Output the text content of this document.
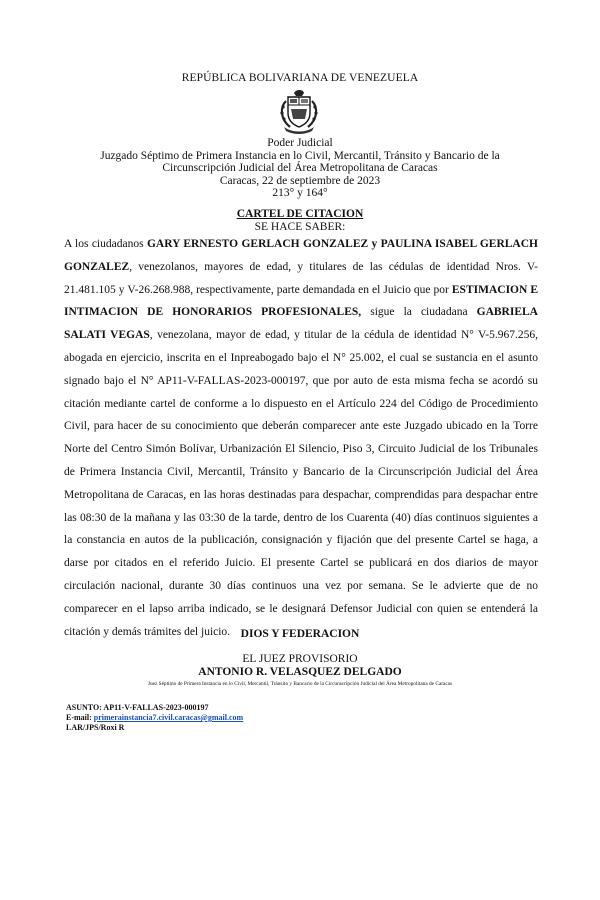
REPÚBLICA BOLIVARIANA DE VENEZUELA
Poder Judicial
Juzgado Séptimo de Primera Instancia en lo Civil, Mercantil, Tránsito y Bancario de la
Circunscripción Judicial del Área Metropolitana de Caracas
Caracas, 22 de septiembre de 2023
213° y 164°
CARTEL DE CITACION
SE HACE SABER:
A los ciudadanos GARY ERNESTO GERLACH GONZALEZ y PAULINA ISABEL GERLACH GONZALEZ, venezolanos, mayores de edad, y titulares de las cédulas de identidad Nros. V-21.481.105 y V-26.268.988, respectivamente, parte demandada en el Juicio que por ESTIMACION E INTIMACION DE HONORARIOS PROFESIONALES, sigue la ciudadana GABRIELA SALATI VEGAS, venezolana, mayor de edad, y titular de la cédula de identidad N° V-5.967.256, abogada en ejercicio, inscrita en el Inpreabogado bajo el N° 25.002, el cual se sustancia en el asunto signado bajo el N° AP11-V-FALLAS-2023-000197, que por auto de esta misma fecha se acordó su citación mediante cartel de conforme a lo dispuesto en el Artículo 224 del Código de Procedimiento Civil, para hacer de su conocimiento que deberán comparecer ante este Juzgado ubicado en la Torre Norte del Centro Simón Bolívar, Urbanización El Silencio, Piso 3, Circuito Judicial de los Tribunales de Primera Instancia Civil, Mercantil, Tránsito y Bancario de la Circunscripción Judicial del Área Metropolitana de Caracas, en las horas destinadas para despachar, comprendidas para despachar entre las 08:30 de la mañana y las 03:30 de la tarde, dentro de los Cuarenta (40) días continuos siguientes a la constancia en autos de la publicación, consignación y fijación que del presente Cartel se haga, a darse por citados en el referido Juicio. El presente Cartel se publicará en dos diarios de mayor circulación nacional, durante 30 días continuos una vez por semana. Se le advierte que de no comparecer en el lapso arriba indicado, se le designará Defensor Judicial con quien se entenderá la citación y demás trámites del juicio. DIOS Y FEDERACION
EL JUEZ PROVISORIO
ANTONIO R. VELASQUEZ DELGADO
Juez Séptimo de Primera Instancia en lo Civil, Mercantil, Tránsito y Bancario de la Circunscripción Judicial del Área Metropolitana de Caracas
ASUNTO: AP11-V-FALLAS-2023-000197
E-mail: primerainstancia7.civil.caracas@gmail.com
LAR/JPS/Roxi R
